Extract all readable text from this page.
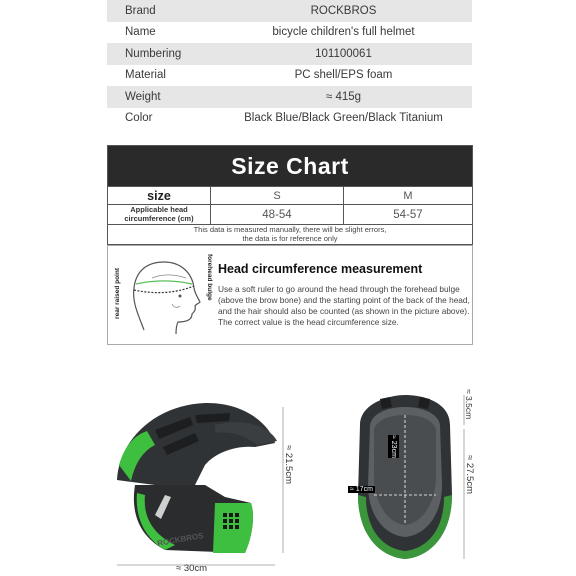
Brand	ROCKBROS
Name	bicycle children's full helmet
Numbering	101100061
Material	PC shell/EPS foam
Weight	≈ 415g
Color	Black Blue/Black Green/Black Titanium
Size Chart
size	S	M
Applicable head
circumference (cm)	48-54	54-57
This data is measured manually, there will be slight errors,
the data is for reference only
rear raised point	forehead bulge Head circumference measurement
Use a soft ruler to go around the head through the forehead bulge (above the brow bone) and the starting point of the back of the head, and the hair should also be counted (as shown in the picture above). The correct value is the head circumference size.
≈ 30cm
≈ 21.5cm
ROCKBROS
≈ 23cm
≈ 17cm
≈ 3.5cm
≈ 27.5cm
